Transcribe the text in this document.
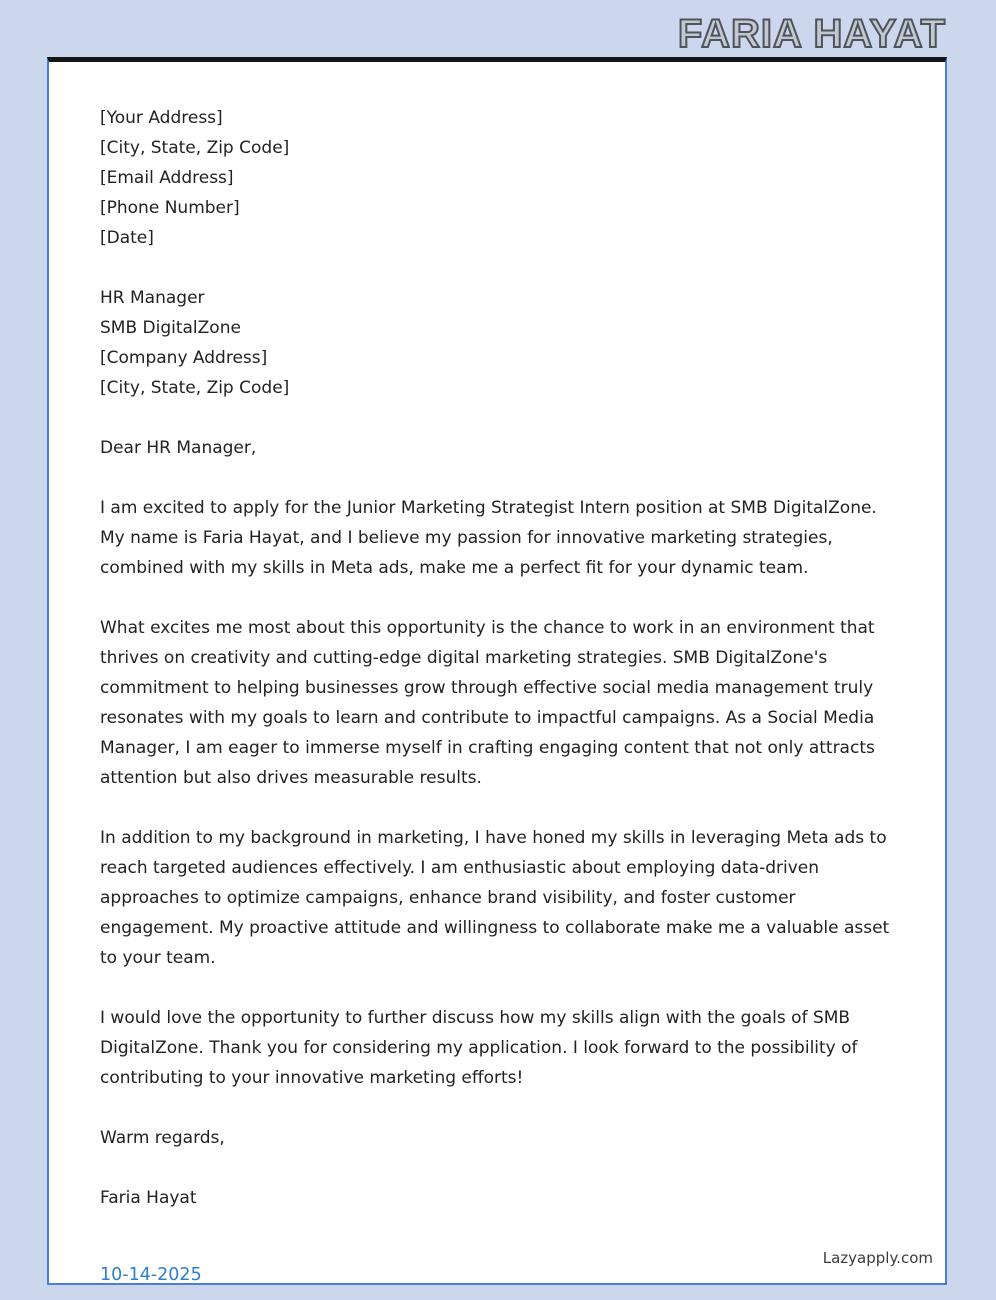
FARIA HAYAT
[Your Address]
[City, State, Zip Code]
[Email Address]
[Phone Number]
[Date]
HR Manager
SMB DigitalZone
[Company Address]
[City, State, Zip Code]
Dear HR Manager,
I am excited to apply for the Junior Marketing Strategist Intern position at SMB DigitalZone. My name is Faria Hayat, and I believe my passion for innovative marketing strategies, combined with my skills in Meta ads, make me a perfect fit for your dynamic team.
What excites me most about this opportunity is the chance to work in an environment that thrives on creativity and cutting-edge digital marketing strategies. SMB DigitalZone's commitment to helping businesses grow through effective social media management truly resonates with my goals to learn and contribute to impactful campaigns. As a Social Media Manager, I am eager to immerse myself in crafting engaging content that not only attracts attention but also drives measurable results.
In addition to my background in marketing, I have honed my skills in leveraging Meta ads to reach targeted audiences effectively. I am enthusiastic about employing data-driven approaches to optimize campaigns, enhance brand visibility, and foster customer engagement. My proactive attitude and willingness to collaborate make me a valuable asset to your team.
I would love the opportunity to further discuss how my skills align with the goals of SMB DigitalZone. Thank you for considering my application. I look forward to the possibility of contributing to your innovative marketing efforts!
Warm regards,
Faria Hayat
Lazyapply.com
10-14-2025
